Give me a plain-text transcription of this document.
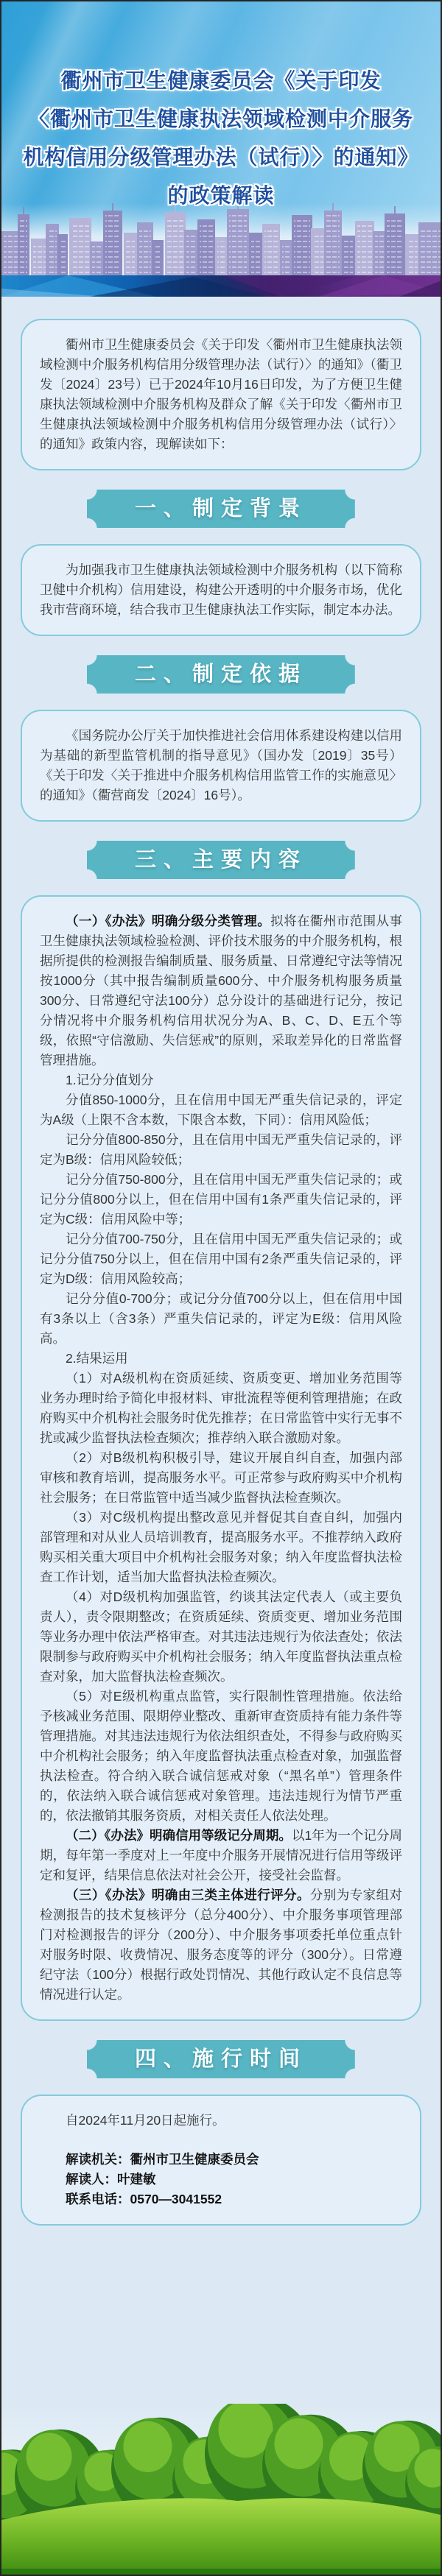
衢州市卫生健康委员会《关于印发
〈衢州市卫生健康执法领域检测中介服务
机构信用分级管理办法（试行）〉的通知》
的政策解读

衢州市卫生健康委员会《关于印发〈衢州市卫生健康执法领域检测中介服务机构信用分级管理办法（试行）〉的通知》（衢卫发〔2024〕23号）已于2024年10月16日印发，为了方便卫生健康执法领域检测中介服务机构及群众了解《关于印发〈衢州市卫生健康执法领域检测中介服务机构信用分级管理办法（试行）〉的通知》政策内容，现解读如下：

一、制定背景

为加强我市卫生健康执法领域检测中介服务机构（以下简称卫健中介机构）信用建设，构建公开透明的中介服务市场，优化我市营商环境，结合我市卫生健康执法工作实际，制定本办法。

二、制定依据

《国务院办公厅关于加快推进社会信用体系建设构建以信用为基础的新型监管机制的指导意见》（国办发〔2019〕35号）《关于印发〈关于推进中介服务机构信用监管工作的实施意见〉的通知》（衢营商发〔2024〕16号）。

三、主要内容

（一）《办法》明确分级分类管理。拟将在衢州市范围从事卫生健康执法领域检验检测、评价技术服务的中介服务机构，根据所提供的检测报告编制质量、服务质量、日常遵纪守法等情况按1000分（其中报告编制质量600分、中介服务机构服务质量300分、日常遵纪守法100分）总分设计的基础进行记分，按记分情况将中介服务机构信用状况分为A、B、C、D、E五个等级，依照“守信激励、失信惩戒”的原则，采取差异化的日常监督管理措施。

1.记分分值划分

分值850-1000分，且在信用中国无严重失信记录的，评定为A级（上限不含本数，下限含本数，下同）：信用风险低；

记分分值800-850分，且在信用中国无严重失信记录的，评定为B级：信用风险较低；

记分分值750-800分，且在信用中国无严重失信记录的；或记分分值800分以上，但在信用中国有1条严重失信记录的，评定为C级：信用风险中等；

记分分值700-750分，且在信用中国无严重失信记录的；或记分分值750分以上，但在信用中国有2条严重失信记录的，评定为D级：信用风险较高；

记分分值0-700分；或记分分值700分以上，但在信用中国有3条以上（含3条）严重失信记录的，评定为E级：信用风险高。

2.结果运用

（1）对A级机构在资质延续、资质变更、增加业务范围等业务办理时给予简化申报材料、审批流程等便利管理措施；在政府购买中介机构社会服务时优先推荐；在日常监管中实行无事不扰或减少监督执法检查频次；推荐纳入联合激励对象。

（2）对B级机构积极引导，建议开展自纠自查，加强内部审核和教育培训，提高服务水平。可正常参与政府购买中介机构社会服务；在日常监管中适当减少监督执法检查频次。

（3）对C级机构提出整改意见并督促其自查自纠，加强内部管理和对从业人员培训教育，提高服务水平。不推荐纳入政府购买相关重大项目中介机构社会服务对象；纳入年度监督执法检查工作计划，适当加大监督执法检查频次。

（4）对D级机构加强监管，约谈其法定代表人（或主要负责人），责令限期整改；在资质延续、资质变更、增加业务范围等业务办理中依法严格审查。对其违法违规行为依法查处；依法限制参与政府购买中介机构社会服务；纳入年度监督执法重点检查对象，加大监督执法检查频次。

（5）对E级机构重点监管，实行限制性管理措施。依法给予核减业务范围、限期停业整改、重新审查资质持有能力条件等管理措施。对其违法违规行为依法组织查处，不得参与政府购买中介机构社会服务；纳入年度监督执法重点检查对象，加强监督执法检查。符合纳入联合诚信惩戒对象（“黑名单”）管理条件的，依法纳入联合诚信惩戒对象管理。违法违规行为情节严重的，依法撤销其服务资质，对相关责任人依法处理。

（二）《办法》明确信用等级记分周期。以1年为一个记分周期，每年第一季度对上一年度中介服务开展情况进行信用等级评定和复评，结果信息依法对社会公开，接受社会监督。

（三）《办法》明确由三类主体进行评分。分别为专家组对检测报告的技术复核评分（总分400分）、中介服务事项管理部门对检测报告的评分（200分）、中介服务事项委托单位重点针对服务时限、收费情况、服务态度等的评分（300分）。日常遵纪守法（100分）根据行政处罚情况、其他行政认定不良信息等情况进行认定。

四、施行时间

自2024年11月20日起施行。

解读机关：衢州市卫生健康委员会

解读人：叶建敏

联系电话：0570—3041552
